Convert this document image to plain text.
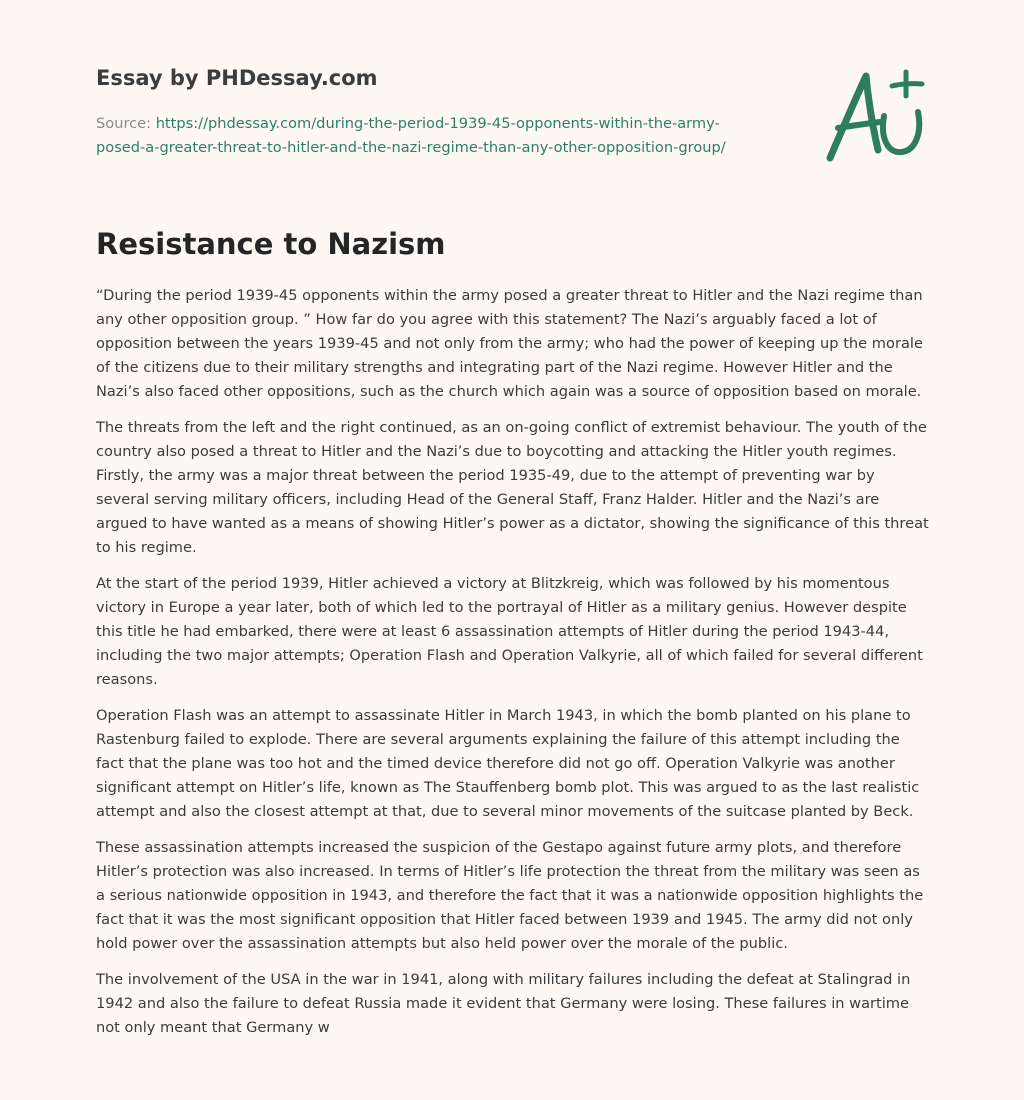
Essay by PHDessay.com
Source: https://phdessay.com/during-the-period-1939-45-opponents-within-the-army-
posed-a-greater-threat-to-hitler-and-the-nazi-regime-than-any-other-opposition-group/
Resistance to Nazism

“During the period 1939-45 opponents within the army posed a greater threat to Hitler and the Nazi regime than any other opposition group. ” How far do you agree with this statement? The Nazi’s arguably faced a lot of opposition between the years 1939-45 and not only from the army; who had the power of keeping up the morale of the citizens due to their military strengths and integrating part of the Nazi regime. However Hitler and the Nazi’s also faced other oppositions, such as the church which again was a source of opposition based on morale.

The threats from the left and the right continued, as an on-going conflict of extremist behaviour. The youth of the country also posed a threat to Hitler and the Nazi’s due to boycotting and attacking the Hitler youth regimes. Firstly, the army was a major threat between the period 1935-49, due to the attempt of preventing war by several serving military officers, including Head of the General Staff, Franz Halder. Hitler and the Nazi’s are argued to have wanted as a means of showing Hitler’s power as a dictator, showing the significance of this threat to his regime.

At the start of the period 1939, Hitler achieved a victory at Blitzkreig, which was followed by his momentous victory in Europe a year later, both of which led to the portrayal of Hitler as a military genius. However despite this title he had embarked, there were at least 6 assassination attempts of Hitler during the period 1943-44, including the two major attempts; Operation Flash and Operation Valkyrie, all of which failed for several different reasons.

Operation Flash was an attempt to assassinate Hitler in March 1943, in which the bomb planted on his plane to Rastenburg failed to explode. There are several arguments explaining the failure of this attempt including the fact that the plane was too hot and the timed device therefore did not go off. Operation Valkyrie was another significant attempt on Hitler’s life, known as The Stauffenberg bomb plot. This was argued to as the last realistic attempt and also the closest attempt at that, due to several minor movements of the suitcase planted by Beck.

These assassination attempts increased the suspicion of the Gestapo against future army plots, and therefore Hitler’s protection was also increased. In terms of Hitler’s life protection the threat from the military was seen as a serious nationwide opposition in 1943, and therefore the fact that it was a nationwide opposition highlights the fact that it was the most significant opposition that Hitler faced between 1939 and 1945. The army did not only hold power over the assassination attempts but also held power over the morale of the public.

The involvement of the USA in the war in 1941, along with military failures including the defeat at Stalingrad in 1942 and also the failure to defeat Russia made it evident that Germany were losing. These failures in wartime not only meant that Germany w
